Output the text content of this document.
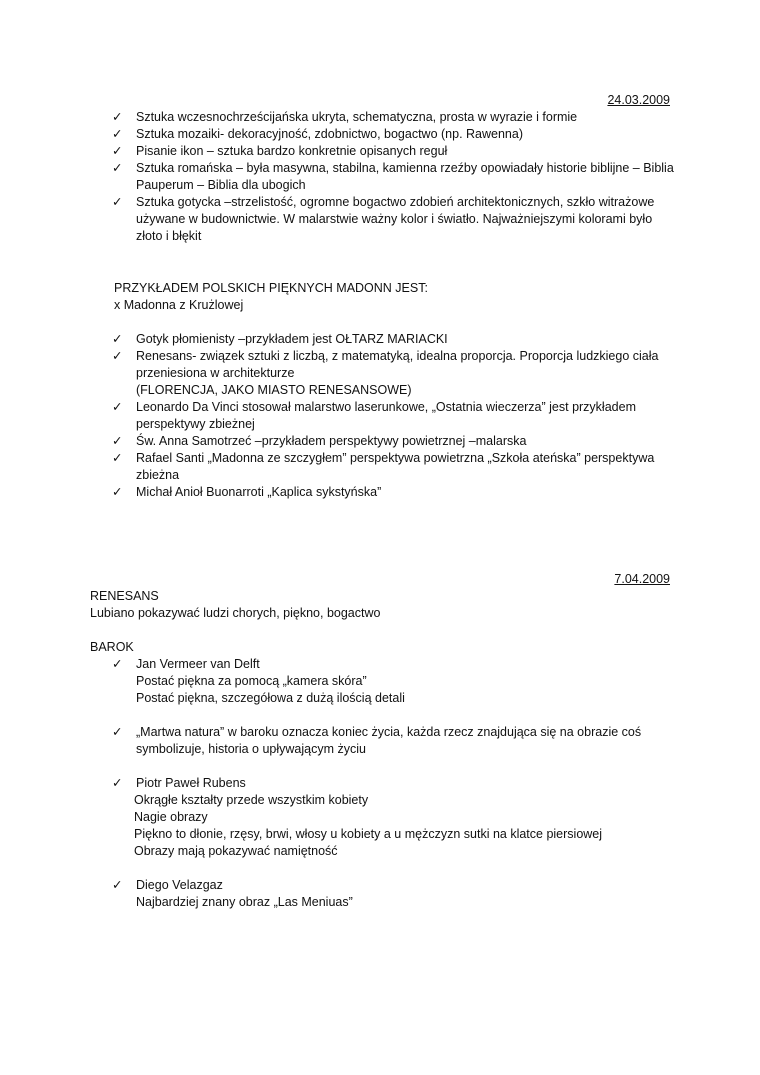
24.03.2009
✓ Sztuka wczesnochrześcijańska ukryta, schematyczna, prosta w wyrazie i formie
✓ Sztuka mozaiki- dekoracyjność, zdobnictwo, bogactwo (np. Rawenna)
✓ Pisanie ikon – sztuka bardzo konkretnie opisanych reguł
✓ Sztuka romańska – była masywna, stabilna, kamienna rzeźby opowiadały historie biblijne – Biblia Pauperum – Biblia dla ubogich
✓ Sztuka gotycka –strzelistość, ogromne bogactwo zdobień architektonicznych, szkło witrażowe używane w budownictwie. W malarstwie ważny kolor i światło. Najważniejszymi kolorami było złoto i błękit
PRZYKŁADEM POLSKICH PIĘKNYCH MADONN JEST:
x Madonna z Krużlowej
✓ Gotyk płomienisty –przykładem jest OŁTARZ MARIACKI
✓ Renesans- związek sztuki z liczbą, z matematyką, idealna proporcja. Proporcja ludzkiego ciała przeniesiona w architekturze
(FLORENCJA, JAKO MIASTO RENESANSOWE)
✓ Leonardo Da Vinci stosował malarstwo laserunkowe, „Ostatnia wieczerza” jest przykładem perspektywy zbieżnej
✓ Św. Anna Samotrzeć –przykładem perspektywy powietrznej –malarska
✓ Rafael Santi „Madonna ze szczygłem” perspektywa powietrzna „Szkoła ateńska” perspektywa zbieżna
✓ Michał Anioł Buonarroti „Kaplica sykstyńska”
7.04.2009
RENESANS
Lubiano pokazywać ludzi chorych, piękno, bogactwo
BAROK
✓ Jan Vermeer van Delft
Postać piękna za pomocą „kamera skóra”
Postać piękna, szczegółowa z dużą ilością detali
✓ „Martwa natura” w baroku oznacza koniec życia, każda rzecz znajdująca się na obrazie coś symbolizuje, historia o upływającym życiu
✓ Piotr Paweł Rubens
Okrągłe kształty przede wszystkim kobiety
Nagie obrazy
Piękno to dłonie, rzęsy, brwi, włosy u kobiety a u mężczyzn sutki na klatce piersiowej
Obrazy mają pokazywać namiętność
✓ Diego Velazgaz
Najbardziej znany obraz „Las Meniuas”
